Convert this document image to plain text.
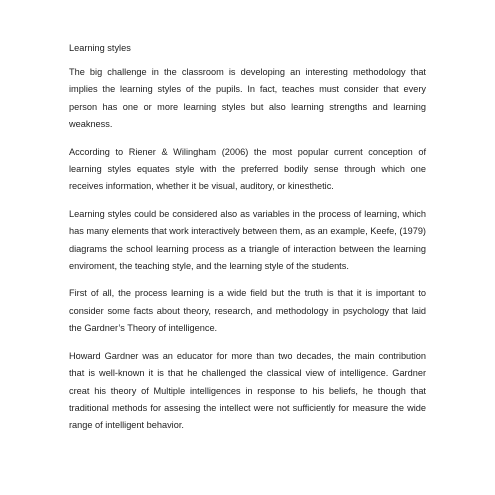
Learning styles

The big challenge in the classroom is developing an interesting methodology that implies the learning styles of the pupils. In fact, teaches must consider that every person has one or more learning styles but also learning strengths and learning weakness.

According to Riener & Wilingham (2006) the most popular current conception of learning styles equates style with the preferred bodily sense through which one receives information, whether it be visual, auditory, or kinesthetic.

Learning styles could be considered also as variables in the process of learning, which has many elements that work interactively between them, as an example, Keefe, (1979) diagrams the school learning process as a triangle of interaction between the learning enviroment, the teaching style, and the learning style of the students.

First of all, the process learning is a wide field but the truth is that it is important to consider some facts about theory, research, and methodology in psychology that laid the Gardner’s Theory of intelligence.

Howard Gardner was an educator for more than two decades, the main contribution that is well-known it is that he challenged the classical view of intelligence. Gardner creat his theory of Multiple intelligences in response to his beliefs, he though that traditional methods for assesing the intellect were not sufficiently for measure the wide range of intelligent behavior.
